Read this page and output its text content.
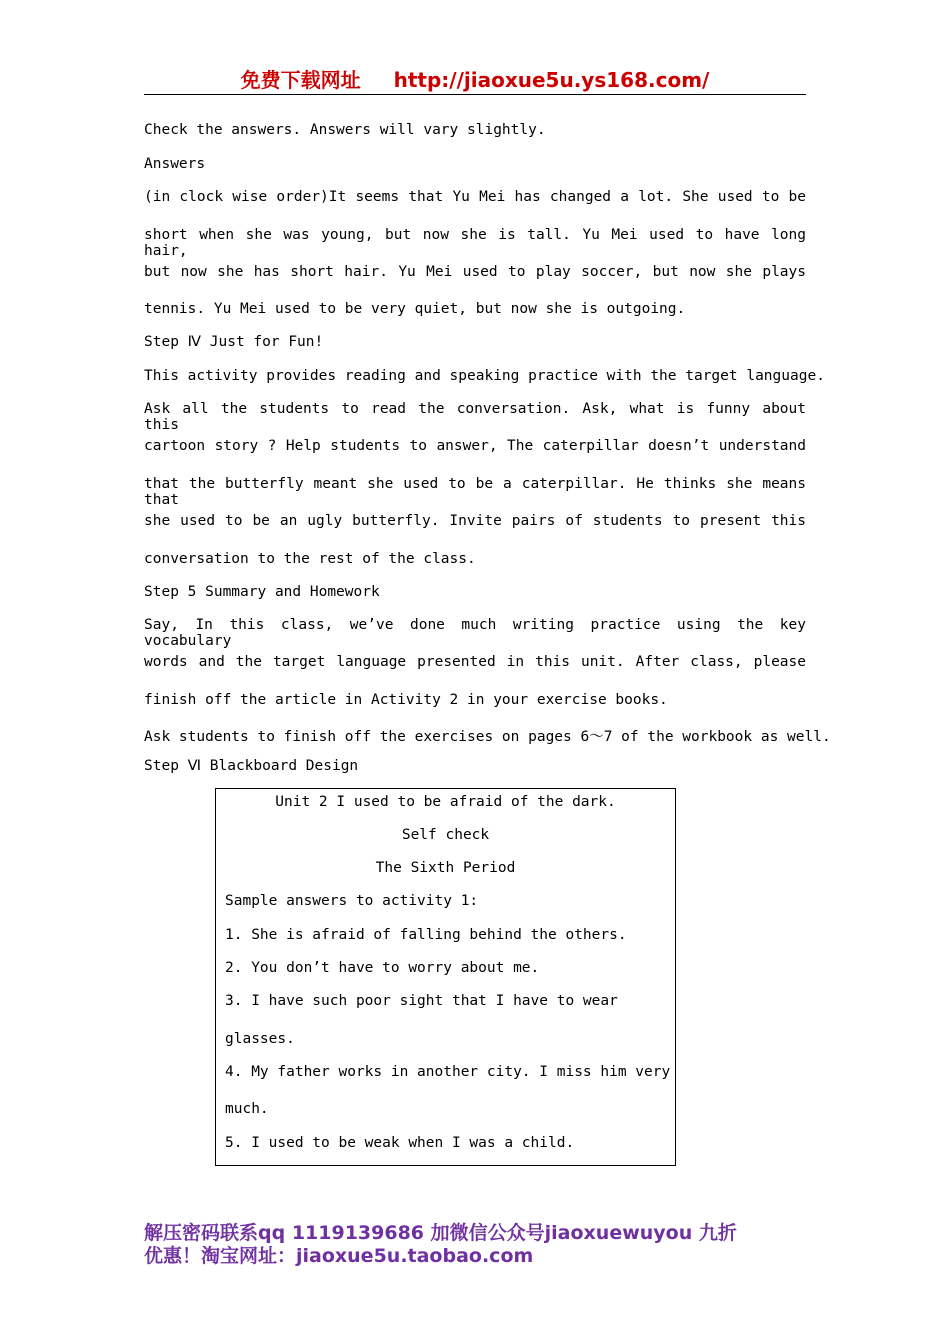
免费下载网址 http://jiaoxue5u.ys168.com/
Check the answers. Answers will vary slightly.
Answers
(in clock wise order)It seems that Yu Mei has changed a lot. She used to be
short when she was young, but now she is tall. Yu Mei used to have long hair,
but now she has short hair. Yu Mei used to play soccer, but now she plays
tennis. Yu Mei used to be very quiet, but now she is outgoing.
Step Ⅳ Just for Fun!
This activity provides reading and speaking practice with the target language.
Ask all the students to read the conversation. Ask, what is funny about this
cartoon story ? Help students to answer, The caterpillar doesn’t understand
that the butterfly meant she used to be a caterpillar. He thinks she means that
she used to be an ugly butterfly. Invite pairs of students to present this
conversation to the rest of the class.
Step 5 Summary and Homework
Say, In this class, we’ve done much writing practice using the key vocabulary
words and the target language presented in this unit. After class, please
finish off the article in Activity 2 in your exercise books.
Ask students to finish off the exercises on pages 6～7 of the workbook as well.
Step Ⅵ Blackboard Design
Unit 2 I used to be afraid of the dark.
Self check
The Sixth Period
Sample answers to activity 1:
1. She is afraid of falling behind the others.
2. You don’t have to worry about me.
3. I have such poor sight that I have to wear
glasses.
4. My father works in another city. I miss him very
much.
5. I used to be weak when I was a child.
解压密码联系qq 1119139686 加微信公众号jiaoxuewuyou 九折
优惠！淘宝网址：jiaoxue5u.taobao.com
